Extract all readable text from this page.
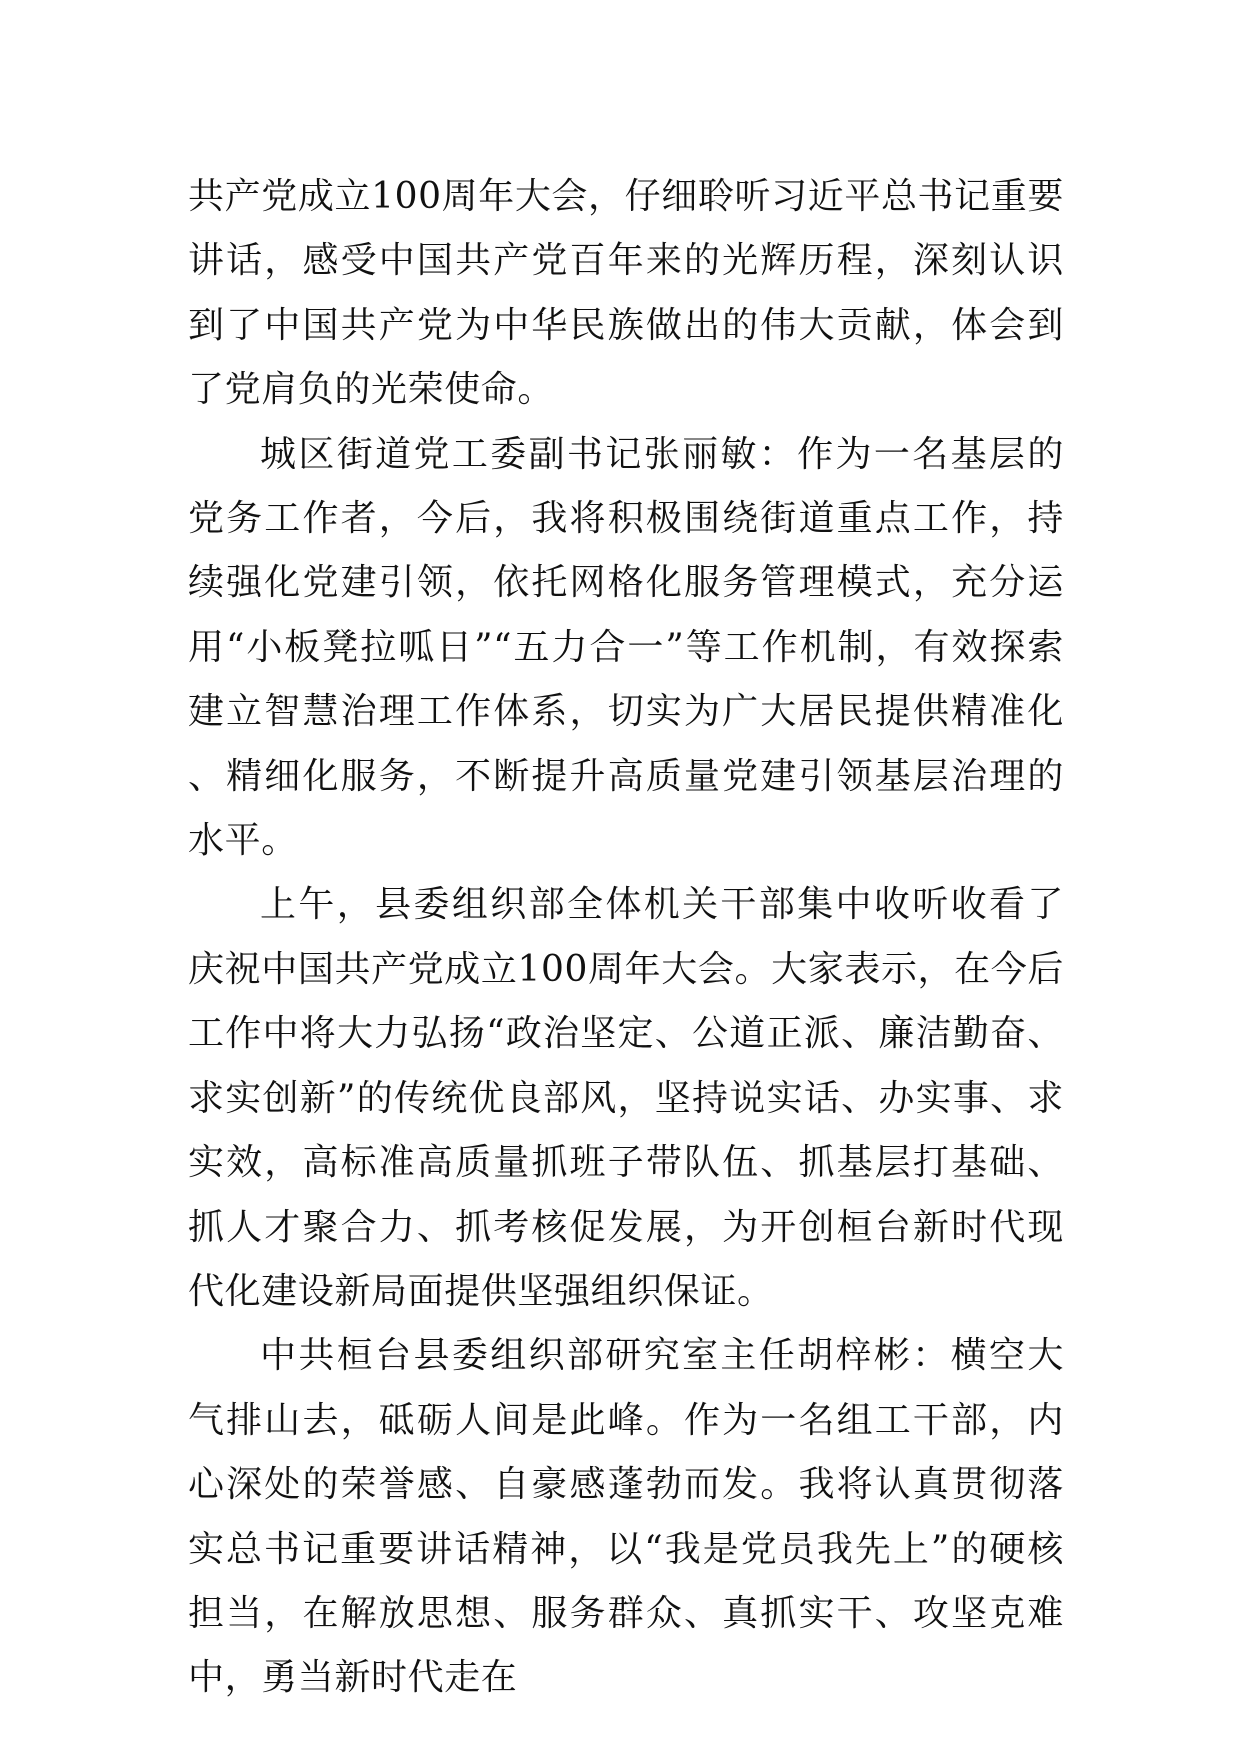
共产党成立100周年大会，仔细聆听习近平总书记重要讲话，感受中国共产党百年来的光辉历程，深刻认识到了中国共产党为中华民族做出的伟大贡献，体会到了党肩负的光荣使命。

城区街道党工委副书记张丽敏：作为一名基层的党务工作者，今后，我将积极围绕街道重点工作，持续强化党建引领，依托网格化服务管理模式，充分运用“小板凳拉呱日”“五力合一”等工作机制，有效探索建立智慧治理工作体系，切实为广大居民提供精准化、精细化服务，不断提升高质量党建引领基层治理的水平。

上午，县委组织部全体机关干部集中收听收看了庆祝中国共产党成立100周年大会。大家表示，在今后工作中将大力弘扬“政治坚定、公道正派、廉洁勤奋、求实创新”的传统优良部风，坚持说实话、办实事、求实效，高标准高质量抓班子带队伍、抓基层打基础、抓人才聚合力、抓考核促发展，为开创桓台新时代现代化建设新局面提供坚强组织保证。

中共桓台县委组织部研究室主任胡梓彬：横空大气排山去，砥砺人间是此峰。作为一名组工干部，内心深处的荣誉感、自豪感蓬勃而发。我将认真贯彻落实总书记重要讲话精神，以“我是党员我先上”的硬核担当，在解放思想、服务群众、真抓实干、攻坚克难中，勇当新时代走在
